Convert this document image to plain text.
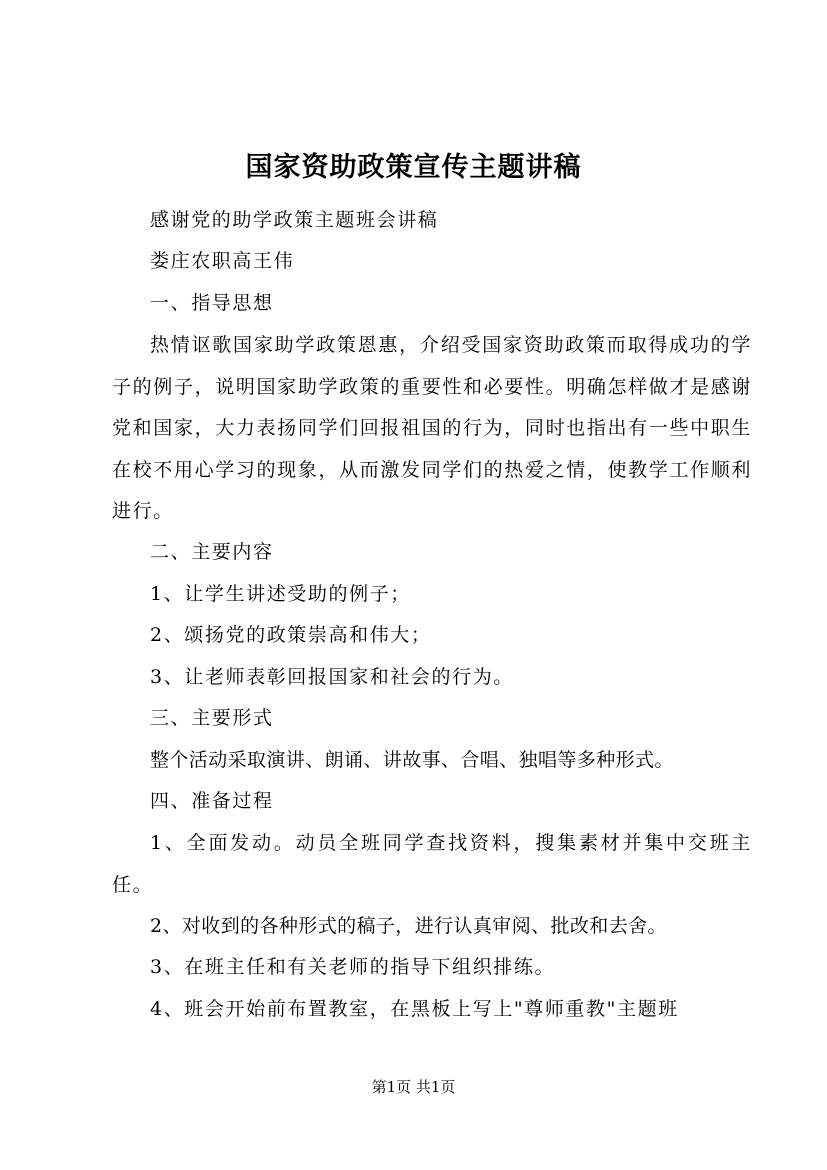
国家资助政策宣传主题讲稿
感谢党的助学政策主题班会讲稿
娄庄农职高王伟
一、指导思想
热情讴歌国家助学政策恩惠，介绍受国家资助政策而取得成功的学子的例子，说明国家助学政策的重要性和必要性。明确怎样做才是感谢党和国家，大力表扬同学们回报祖国的行为，同时也指出有一些中职生在校不用心学习的现象，从而激发同学们的热爱之情，使教学工作顺利进行。
二、主要内容
1、让学生讲述受助的例子；
2、颂扬党的政策崇高和伟大；
3、让老师表彰回报国家和社会的行为。
三、主要形式
整个活动采取演讲、朗诵、讲故事、合唱、独唱等多种形式。
四、准备过程
1、全面发动。动员全班同学查找资料，搜集素材并集中交班主任。
2、对收到的各种形式的稿子，进行认真审阅、批改和去舍。
3、在班主任和有关老师的指导下组织排练。
4、班会开始前布置教室，在黑板上写上"尊师重教"主题班
第1页 共1页
